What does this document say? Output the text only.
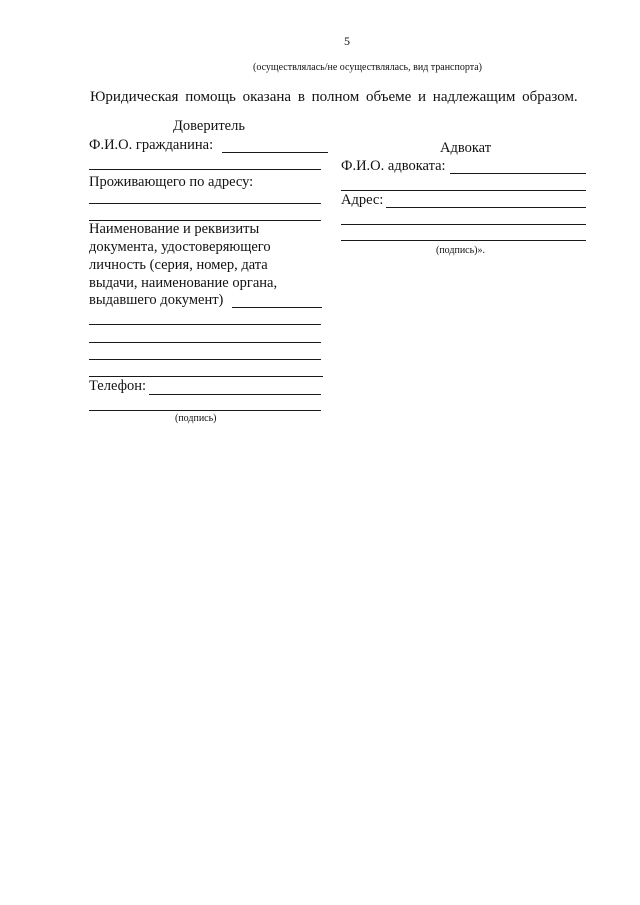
5
(осуществлялась/не осуществлялась, вид транспорта)
Юридическая помощь оказана в полном объеме и надлежащим образом.
Доверитель
Ф.И.О. гражданина:
Проживающего по адресу:
Наименование и реквизиты
документа, удостоверяющего
личность (серия, номер, дата
выдачи, наименование органа,
выдавшего документ)
Телефон:
(подпись)
Адвокат
Ф.И.О. адвоката:
Адрес:
(подпись)».
